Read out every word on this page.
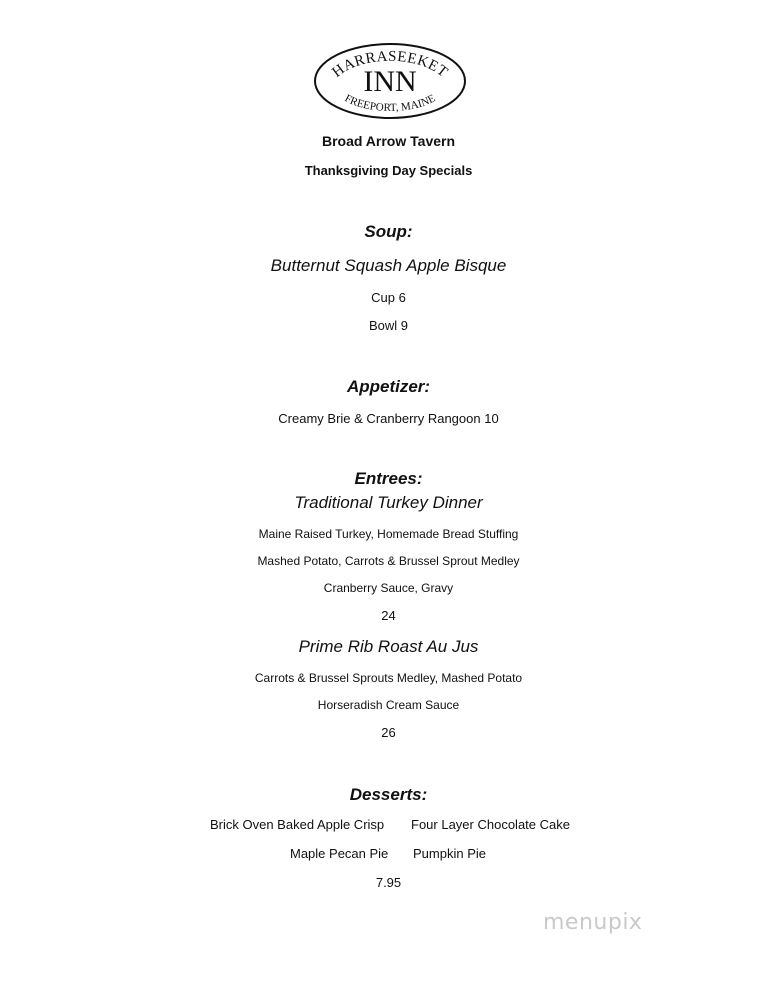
HARRASEEKET
INN
FREEPORT, MAINE
Broad Arrow Tavern
Thanksgiving Day Specials
Soup:
Butternut Squash Apple Bisque
Cup 6
Bowl 9
Appetizer:
Creamy Brie & Cranberry Rangoon 10
Entrees:
Traditional Turkey Dinner
Maine Raised Turkey, Homemade Bread Stuffing
Mashed Potato, Carrots & Brussel Sprout Medley
Cranberry Sauce, Gravy
24
Prime Rib Roast Au Jus
Carrots & Brussel Sprouts Medley, Mashed Potato
Horseradish Cream Sauce
26
Desserts:
Brick Oven Baked Apple Crisp Four Layer Chocolate Cake
Maple Pecan Pie Pumpkin Pie
7.95
menupix
